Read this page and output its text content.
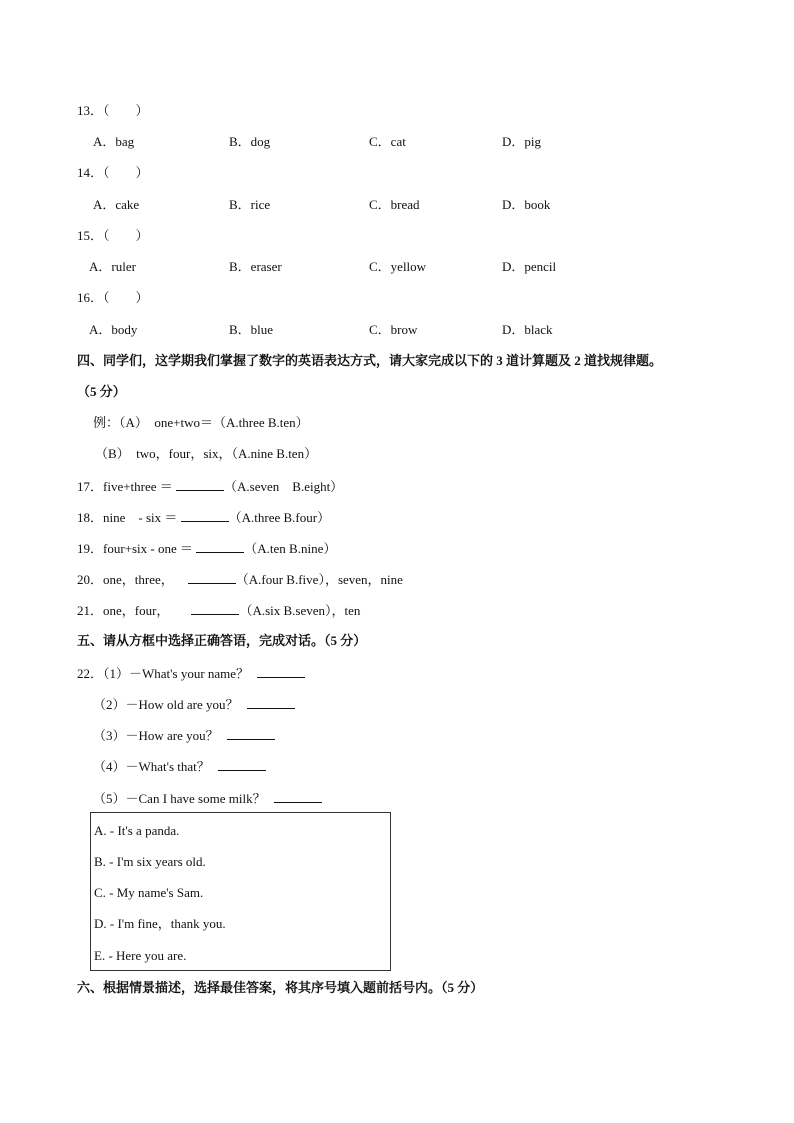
13．（　　）
A．bag	B．dog	C．cat	D．pig
14．（　　）
A．cake	B．rice	C．bread	D．book
15．（　　）
A．ruler	B．eraser	C．yellow	D．pencil
16．（　　）
A．body	B．blue	C．brow	D．black
四、同学们，这学期我们掌握了数字的英语表达方式，请大家完成以下的 3 道计算题及 2 道找规律题。
（5 分）
例：（A）　one+two＝（A.three B.ten）
（B）　two，four，six，（A.nine B.ten）
17．five+three ＝	（A.seven　B.eight）
18．nine　- six ＝	（A.three B.four）
19．four+six - one ＝	（A.ten B.nine）
20．one，three，	（A.four B.five），seven，nine
21．one，four，	（A.six B.seven），ten
五、请从方框中选择正确答语，完成对话。（5 分）
22．（1）－What's your name？
（2）－How old are you？
（3）－How are you？
（4）－What's that？
（5）－Can I have some milk？
A. - It's a panda.
B. - I'm six years old.
C. - My name's Sam.
D. - I'm fine，thank you.
E. - Here you are.
六、根据情景描述，选择最佳答案，将其序号填入题前括号内。（5 分）
